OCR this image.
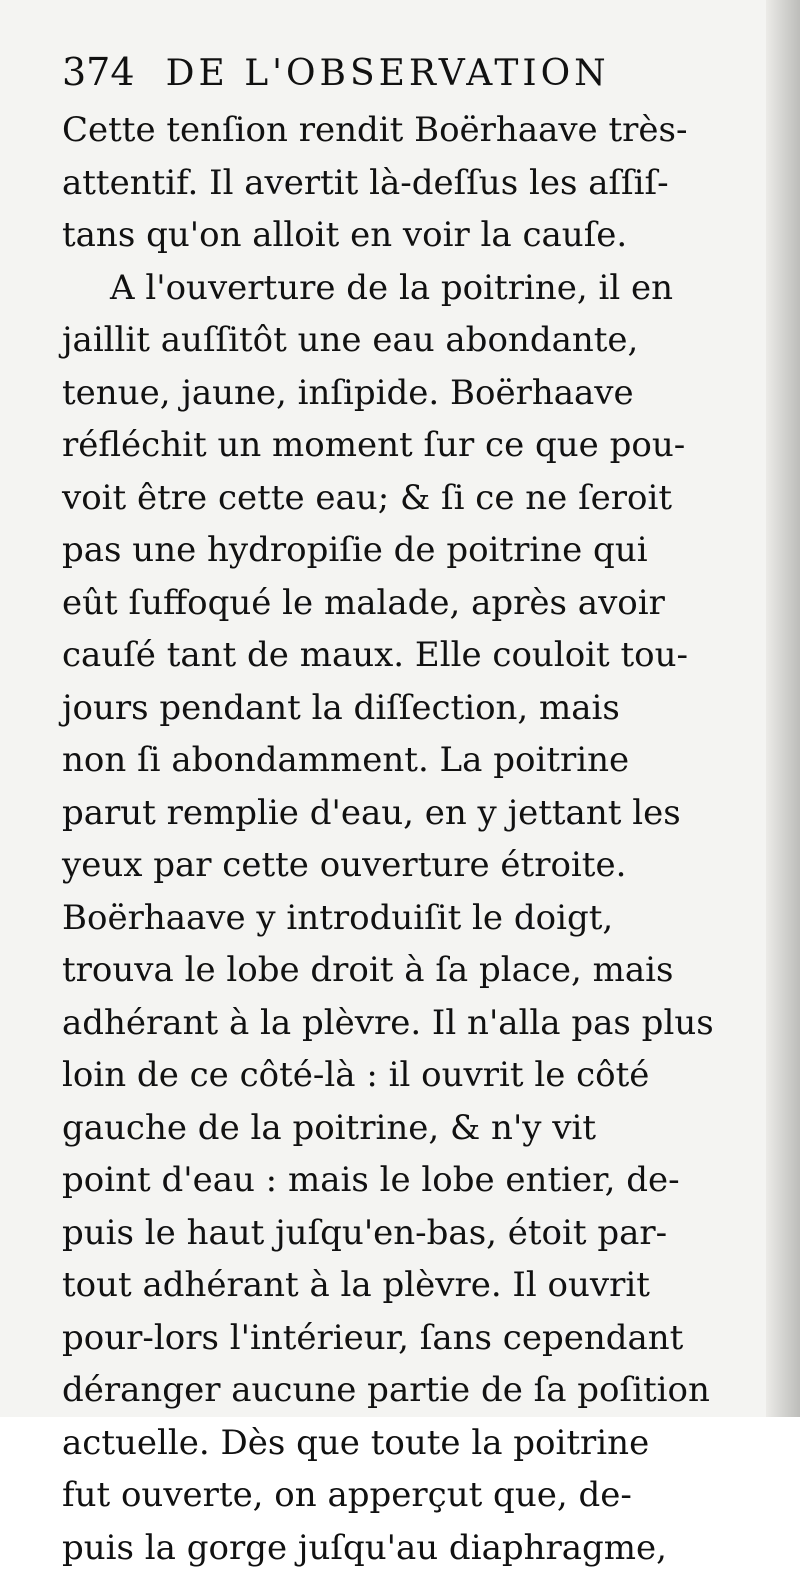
374 DE L'OBSERVATION
Cette tenſion rendit Boërhaave très-
attentif. Il avertit là-deſſus les aſſiſ-
tans qu'on alloit en voir la cauſe.
A l'ouverture de la poitrine, il en
jaillit auſſitôt une eau abondante,
tenue, jaune, inſipide. Boërhaave
réfléchit un moment ſur ce que pou-
voit être cette eau; & ſi ce ne ſeroit
pas une hydropiſie de poitrine qui
eût ſuffoqué le malade, après avoir
cauſé tant de maux. Elle couloit tou-
jours pendant la diſſection, mais
non ſi abondamment. La poitrine
parut remplie d'eau, en y jettant les
yeux par cette ouverture étroite.
Boërhaave y introduiſit le doigt,
trouva le lobe droit à ſa place, mais
adhérant à la plèvre. Il n'alla pas plus
loin de ce côté-là : il ouvrit le côté
gauche de la poitrine, & n'y vit
point d'eau : mais le lobe entier, de-
puis le haut juſqu'en-bas, étoit par-
tout adhérant à la plèvre. Il ouvrit
pour-lors l'intérieur, ſans cependant
déranger aucune partie de ſa poſition
actuelle. Dès que toute la poitrine
fut ouverte, on apperçut que, de-
puis la gorge juſqu'au diaphragme,
